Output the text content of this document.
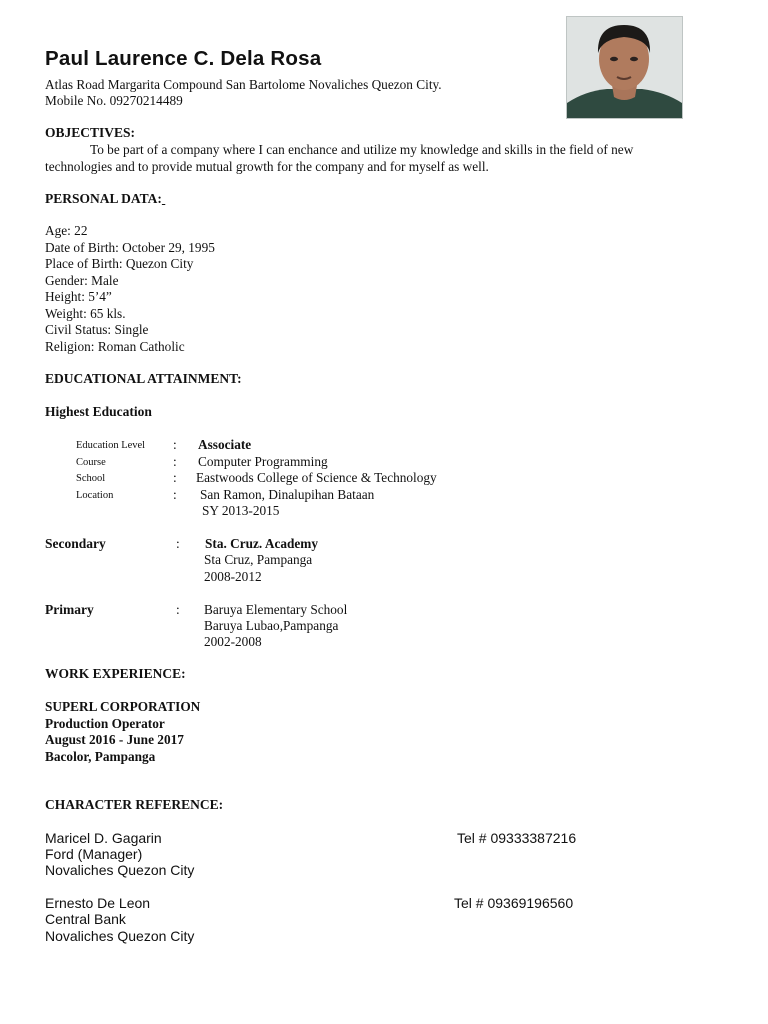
Paul Laurence C. Dela Rosa
Atlas Road Margarita Compound San Bartolome Novaliches Quezon City.
Mobile No. 09270214489
OBJECTIVES:
To be part of a company where I can enchance and utilize my knowledge and skills in the field of new
technologies and to provide mutual growth for the company and for myself as well.
PERSONAL DATA:
Age: 22
Date of Birth: October 29, 1995
Place of Birth: Quezon City
Gender: Male
Height: 5’4”
Weight: 65 kls.
Civil Status: Single
Religion: Roman Catholic
EDUCATIONAL ATTAINMENT:
Highest Education
Education Level
Course
School
Location
:
:
:
:
Associate
Computer Programming
Eastwoods College of Science & Technology
San Ramon, Dinalupihan Bataan
SY 2013-2015
Secondary	: Sta. Cruz. Academy
Sta Cruz, Pampanga
2008-2012
Primary	: Baruya Elementary School
Baruya Lubao,Pampanga
2002-2008
WORK EXPERIENCE:
SUPERL CORPORATION
Production Operator
August 2016 - June 2017
Bacolor, Pampanga
CHARACTER REFERENCE:
Maricel D. Gagarin
Ford (Manager)
Novaliches Quezon City
Tel # 09333387216
Ernesto De Leon
Central Bank
Novaliches Quezon City
Tel # 09369196560
